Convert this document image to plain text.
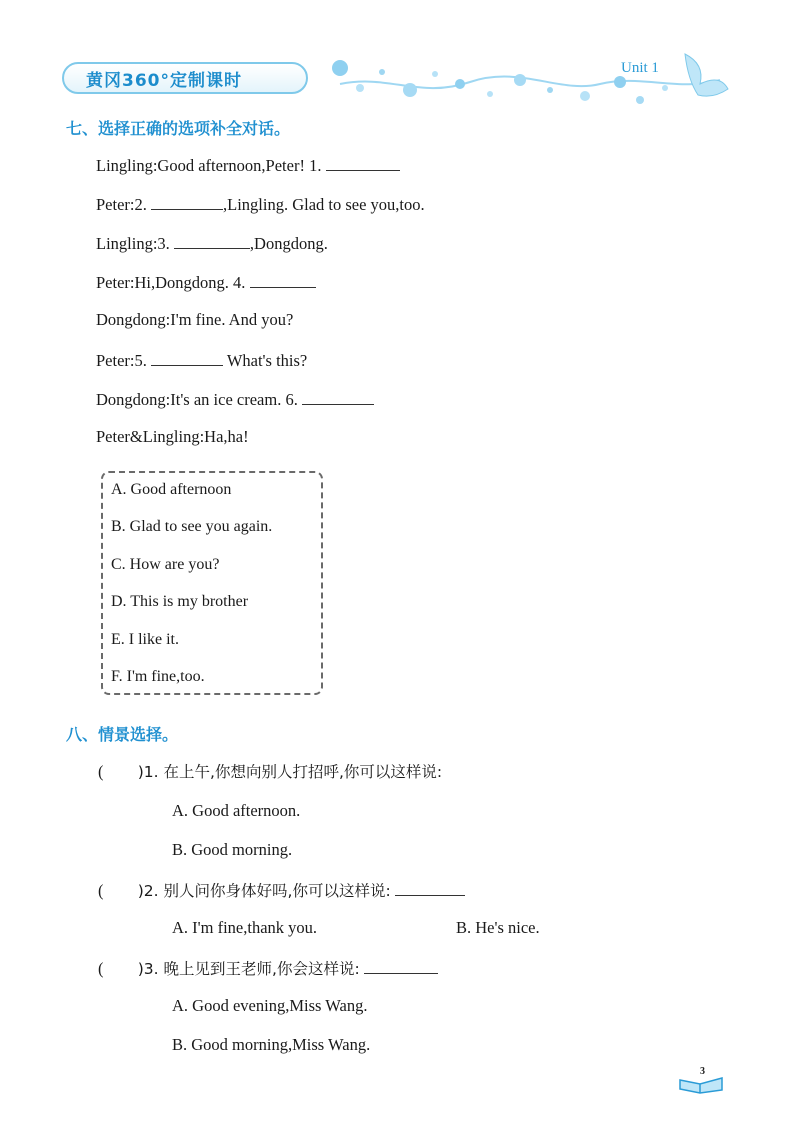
黄冈360°定制课时
Unit 1
七、选择正确的选项补全对话。
Lingling:Good afternoon,Peter! 1.
Peter:2.	,Lingling. Glad to see you,too.
Lingling:3.	,Dongdong.
Peter:Hi,Dongdong. 4.
Dongdong:I'm fine. And you?
Peter:5.	What's this?
Dongdong:It's an ice cream. 6.
Peter&Lingling:Ha,ha!
A. Good afternoon
B. Glad to see you again.
C. How are you?
D. This is my brother
E. I like it.
F. I'm fine,too.
八、情景选择。
( )1. 在上午,你想向别人打招呼,你可以这样说:
A. Good afternoon.
B. Good morning.
( )2. 别人问你身体好吗,你可以这样说:
A. I'm fine,thank you.	B. He's nice.
( )3. 晚上见到王老师,你会这样说:
A. Good evening,Miss Wang.
B. Good morning,Miss Wang.
3
